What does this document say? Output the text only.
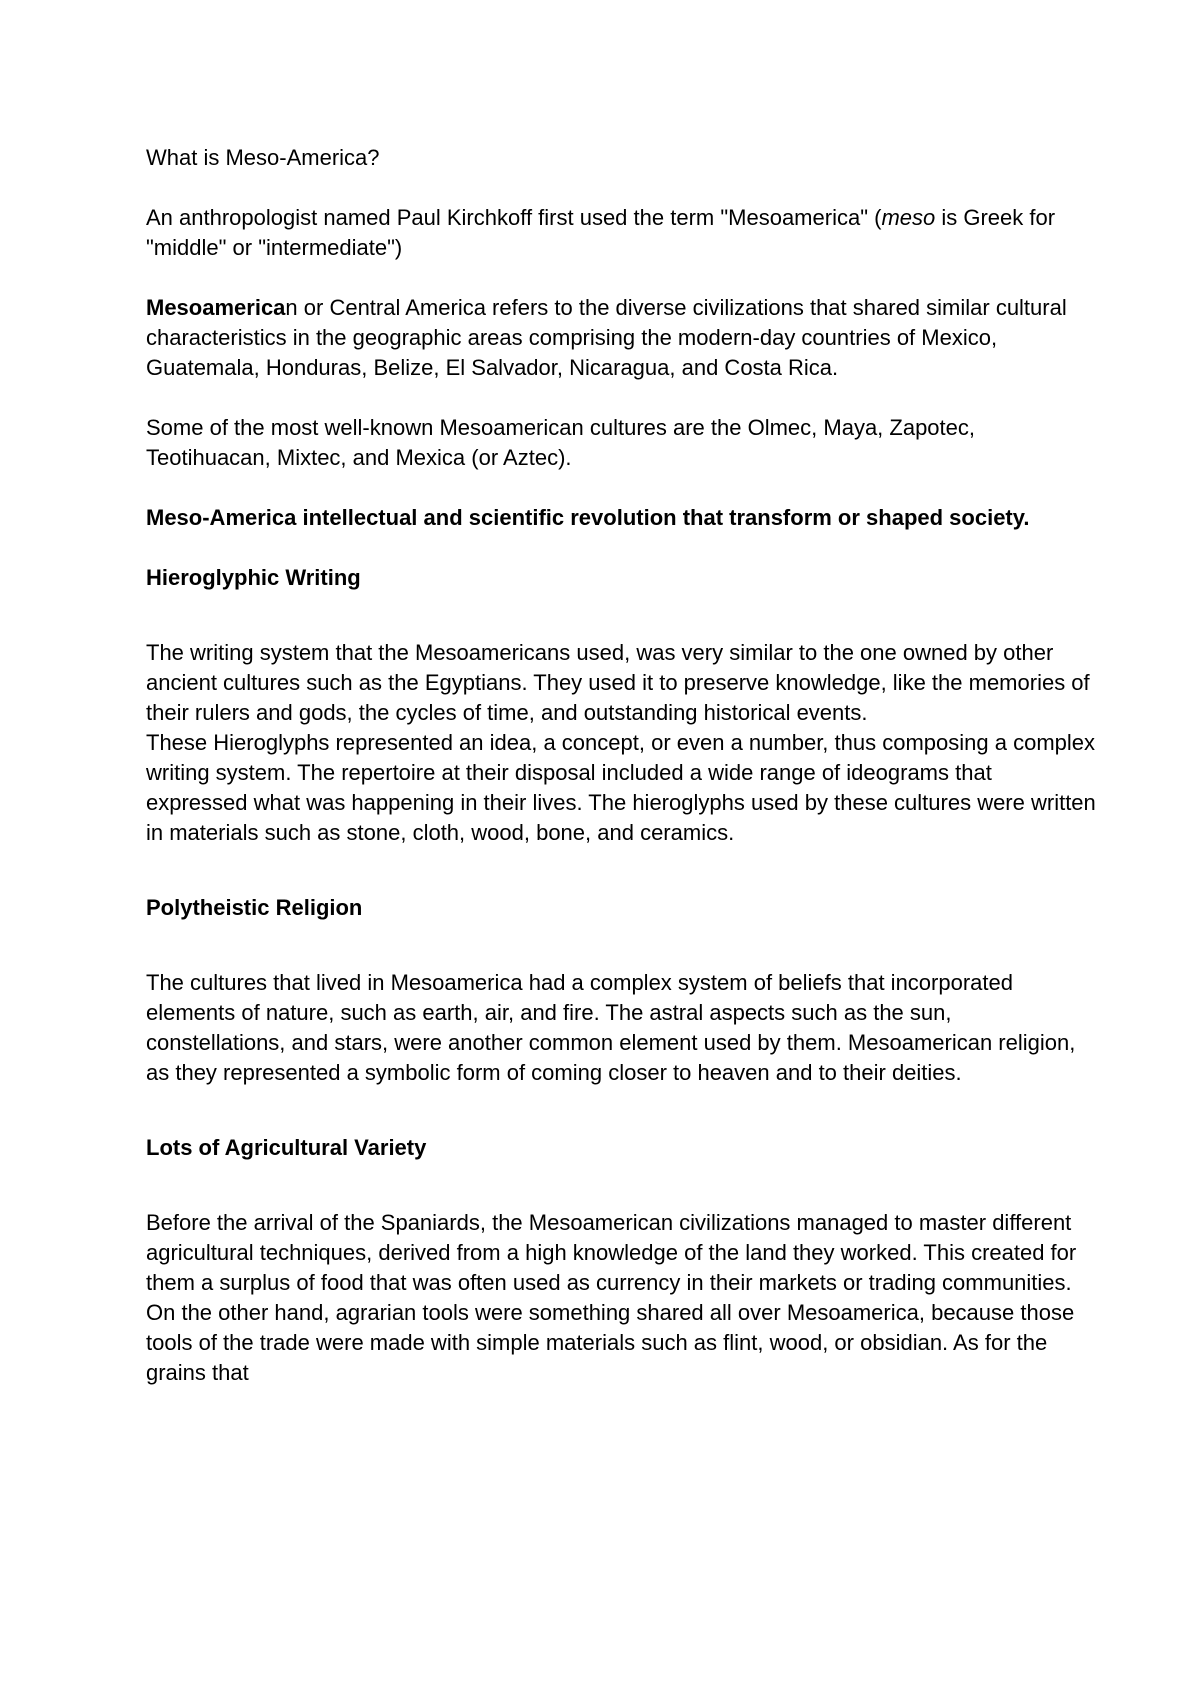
What is Meso-America?

An anthropologist named Paul Kirchkoff first used the term "Mesoamerica" (meso is Greek for "middle" or "intermediate")

Mesoamerican or Central America refers to the diverse civilizations that shared similar cultural characteristics in the geographic areas comprising the modern-day countries of Mexico, Guatemala, Honduras, Belize, El Salvador, Nicaragua, and Costa Rica.

Some of the most well-known Mesoamerican cultures are the Olmec, Maya, Zapotec, Teotihuacan, Mixtec, and Mexica (or Aztec).

Meso-America intellectual and scientific revolution that transform or shaped society.

Hieroglyphic Writing

The writing system that the Mesoamericans used, was very similar to the one owned by other ancient cultures such as the Egyptians. They used it to preserve knowledge, like the memories of their rulers and gods, the cycles of time, and outstanding historical events.

These Hieroglyphs represented an idea, a concept, or even a number, thus composing a complex writing system. The repertoire at their disposal included a wide range of ideograms that expressed what was happening in their lives. The hieroglyphs used by these cultures were written in materials such as stone, cloth, wood, bone, and ceramics.

Polytheistic Religion

The cultures that lived in Mesoamerica had a complex system of beliefs that incorporated elements of nature, such as earth, air, and fire. The astral aspects such as the sun, constellations, and stars, were another common element used by them. Mesoamerican religion, as they represented a symbolic form of coming closer to heaven and to their deities.

Lots of Agricultural Variety

Before the arrival of the Spaniards, the Mesoamerican civilizations managed to master different agricultural techniques, derived from a high knowledge of the land they worked. This created for them a surplus of food that was often used as currency in their markets or trading communities. On the other hand, agrarian tools were something shared all over Mesoamerica, because those tools of the trade were made with simple materials such as flint, wood, or obsidian. As for the grains that
